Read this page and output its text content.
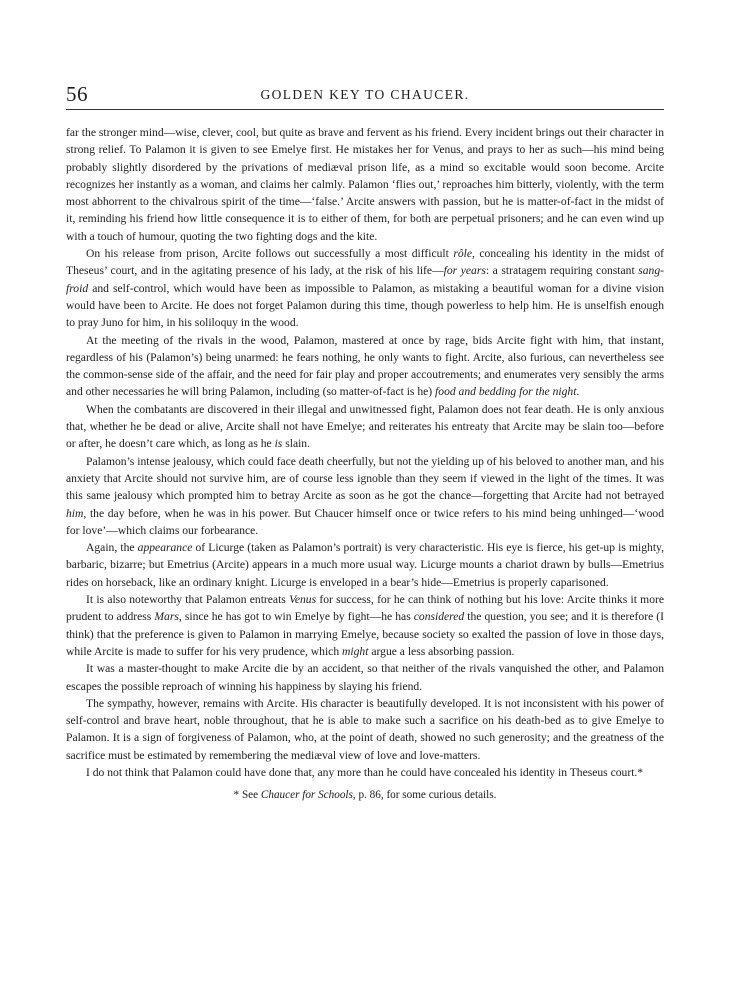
56	GOLDEN KEY TO CHAUCER.

far the stronger mind—wise, clever, cool, but quite as brave and fervent as his friend. Every incident brings out their character in strong relief. To Palamon it is given to see Emelye first. He mistakes her for Venus, and prays to her as such—his mind being probably slightly disordered by the privations of mediæval prison life, as a mind so excitable would soon become. Arcite recognizes her instantly as a woman, and claims her calmly. Palamon ‘flies out,’ reproaches him bitterly, violently, with the term most abhorrent to the chivalrous spirit of the time—‘false.’ Arcite answers with passion, but he is matter-of-fact in the midst of it, reminding his friend how little consequence it is to either of them, for both are perpetual prisoners; and he can even wind up with a touch of humour, quoting the two fighting dogs and the kite.

On his release from prison, Arcite follows out successfully a most difficult rôle, concealing his identity in the midst of Theseus’ court, and in the agitating presence of his lady, at the risk of his life—for years: a stratagem requiring constant sang-froid and self-control, which would have been as impossible to Palamon, as mistaking a beautiful woman for a divine vision would have been to Arcite. He does not forget Palamon during this time, though powerless to help him. He is unselfish enough to pray Juno for him, in his soliloquy in the wood.

At the meeting of the rivals in the wood, Palamon, mastered at once by rage, bids Arcite fight with him, that instant, regardless of his (Palamon’s) being unarmed: he fears nothing, he only wants to fight. Arcite, also furious, can nevertheless see the common-sense side of the affair, and the need for fair play and proper accoutrements; and enumerates very sensibly the arms and other necessaries he will bring Palamon, including (so matter-of-fact is he) food and bedding for the night.

When the combatants are discovered in their illegal and unwitnessed fight, Palamon does not fear death. He is only anxious that, whether he be dead or alive, Arcite shall not have Emelye; and reiterates his entreaty that Arcite may be slain too—before or after, he doesn’t care which, as long as he is slain.

Palamon’s intense jealousy, which could face death cheerfully, but not the yielding up of his beloved to another man, and his anxiety that Arcite should not survive him, are of course less ignoble than they seem if viewed in the light of the times. It was this same jealousy which prompted him to betray Arcite as soon as he got the chance—forgetting that Arcite had not betrayed him, the day before, when he was in his power. But Chaucer himself once or twice refers to his mind being unhinged—‘wood for love’—which claims our forbearance.

Again, the appearance of Licurge (taken as Palamon’s portrait) is very characteristic. His eye is fierce, his get-up is mighty, barbaric, bizarre; but Emetrius (Arcite) appears in a much more usual way. Licurge mounts a chariot drawn by bulls—Emetrius rides on horseback, like an ordinary knight. Licurge is enveloped in a bear’s hide—Emetrius is properly caparisoned.

It is also noteworthy that Palamon entreats Venus for success, for he can think of nothing but his love: Arcite thinks it more prudent to address Mars, since he has got to win Emelye by fight—he has considered the question, you see; and it is therefore (I think) that the preference is given to Palamon in marrying Emelye, because society so exalted the passion of love in those days, while Arcite is made to suffer for his very prudence, which might argue a less absorbing passion.

It was a master-thought to make Arcite die by an accident, so that neither of the rivals vanquished the other, and Palamon escapes the possible reproach of winning his happiness by slaying his friend.

The sympathy, however, remains with Arcite. His character is beautifully developed. It is not inconsistent with his power of self-control and brave heart, noble throughout, that he is able to make such a sacrifice on his death-bed as to give Emelye to Palamon. It is a sign of forgiveness of Palamon, who, at the point of death, showed no such generosity; and the greatness of the sacrifice must be estimated by remembering the mediæval view of love and love-matters.

I do not think that Palamon could have done that, any more than he could have concealed his identity in Theseus court.*

* See Chaucer for Schools, p. 86, for some curious details.
